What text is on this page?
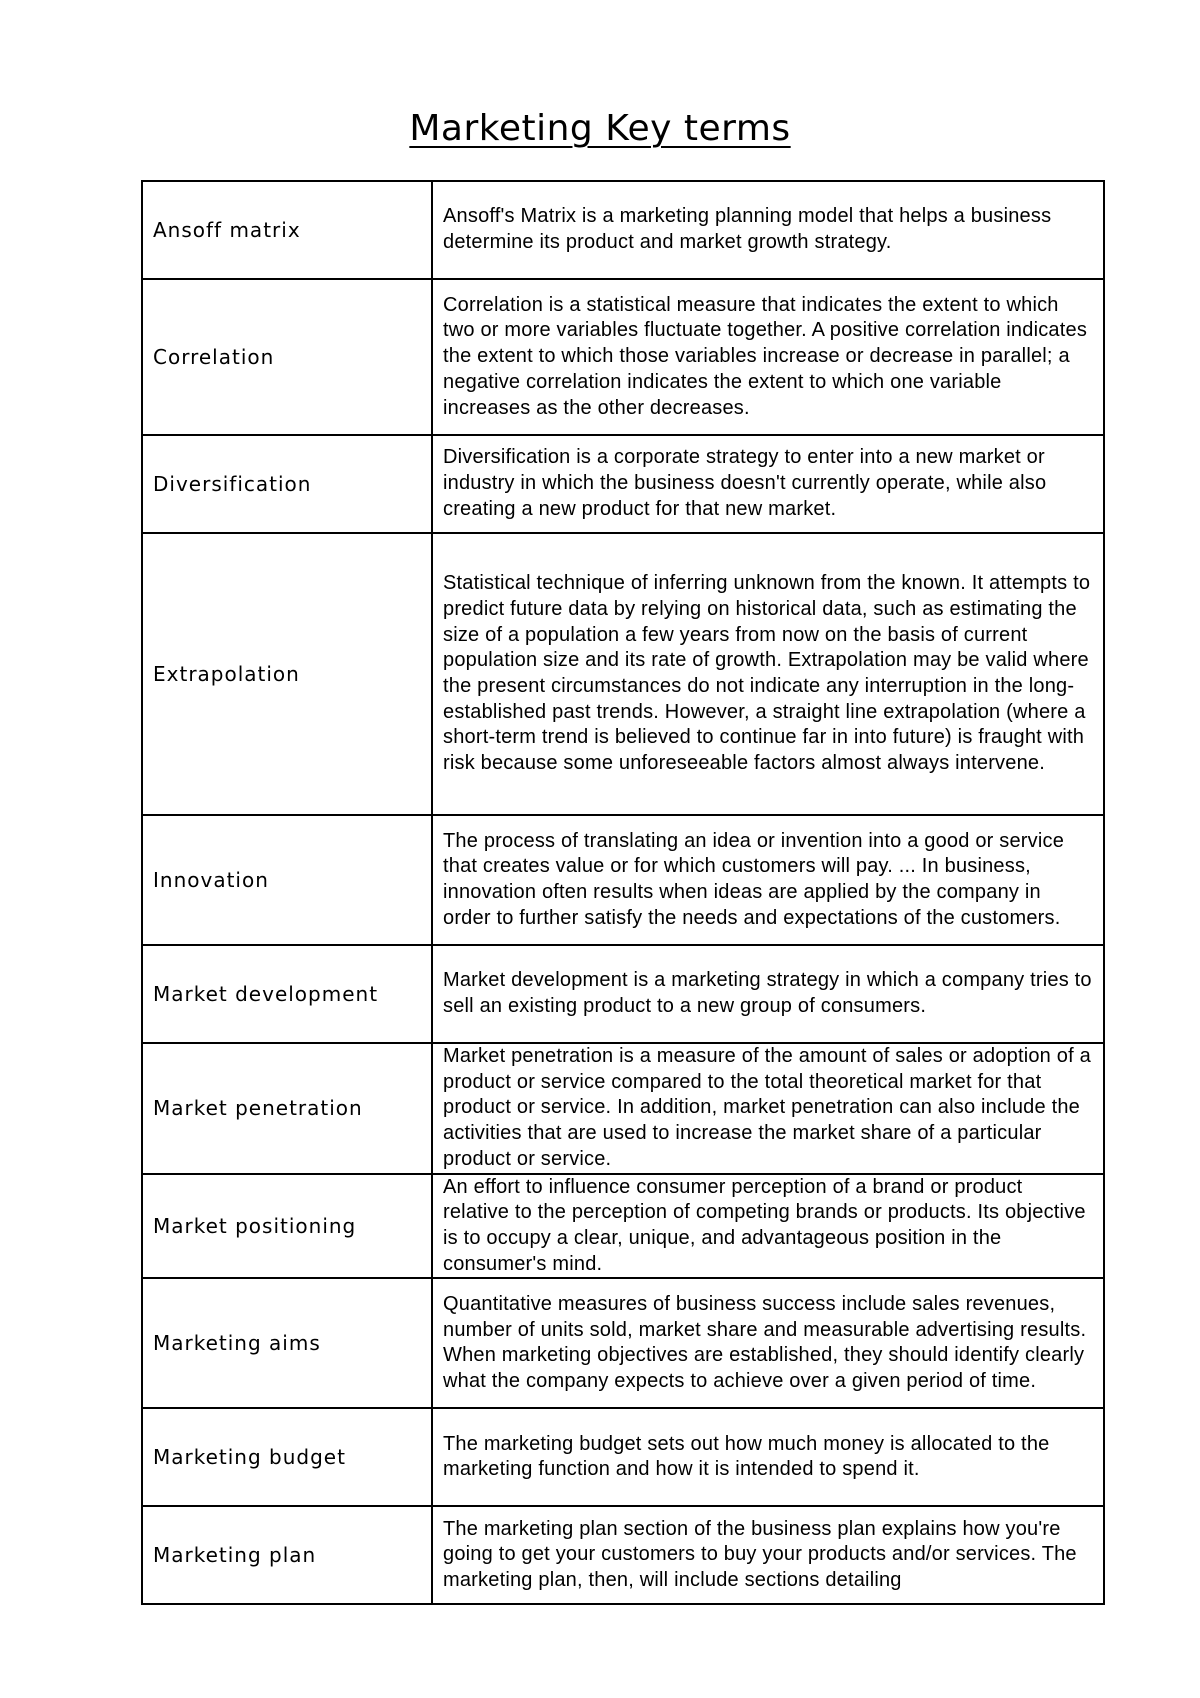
Marketing Key terms
Ansoff matrix	Ansoff's Matrix is a marketing planning model that helps a business determine its product and market growth strategy.

Correlation	Correlation is a statistical measure that indicates the extent to which two or more variables fluctuate together. A positive correlation indicates the extent to which those variables increase or decrease in parallel; a negative correlation indicates the extent to which one variable increases as the other decreases.

Diversification	Diversification is a corporate strategy to enter into a new market or industry in which the business doesn't currently operate, while also creating a new product for that new market.

Extrapolation	Statistical technique of inferring unknown from the known. It attempts to predict future data by relying on historical data, such as estimating the size of a population a few years from now on the basis of current population size and its rate of growth. Extrapolation may be valid where the present circumstances do not indicate any interruption in the long-established past trends. However, a straight line extrapolation (where a short-term trend is believed to continue far in into future) is fraught with risk because some unforeseeable factors almost always intervene.

Innovation	The process of translating an idea or invention into a good or service that creates value or for which customers will pay. ... In business, innovation often results when ideas are applied by the company in order to further satisfy the needs and expectations of the customers.

Market development	Market development is a marketing strategy in which a company tries to sell an existing product to a new group of consumers.

Market penetration	Market penetration is a measure of the amount of sales or adoption of a product or service compared to the total theoretical market for that product or service. In addition, market penetration can also include the activities that are used to increase the market share of a particular product or service.

Market positioning	An effort to influence consumer perception of a brand or product relative to the perception of competing brands or products. Its objective is to occupy a clear, unique, and advantageous position in the consumer's mind.

Marketing aims	Quantitative measures of business success include sales revenues, number of units sold, market share and measurable advertising results. When marketing objectives are established, they should identify clearly what the company expects to achieve over a given period of time.

Marketing budget	The marketing budget sets out how much money is allocated to the marketing function and how it is intended to spend it.

Marketing plan	The marketing plan section of the business plan explains how you're going to get your customers to buy your products and/or services. The marketing plan, then, will include sections detailing
